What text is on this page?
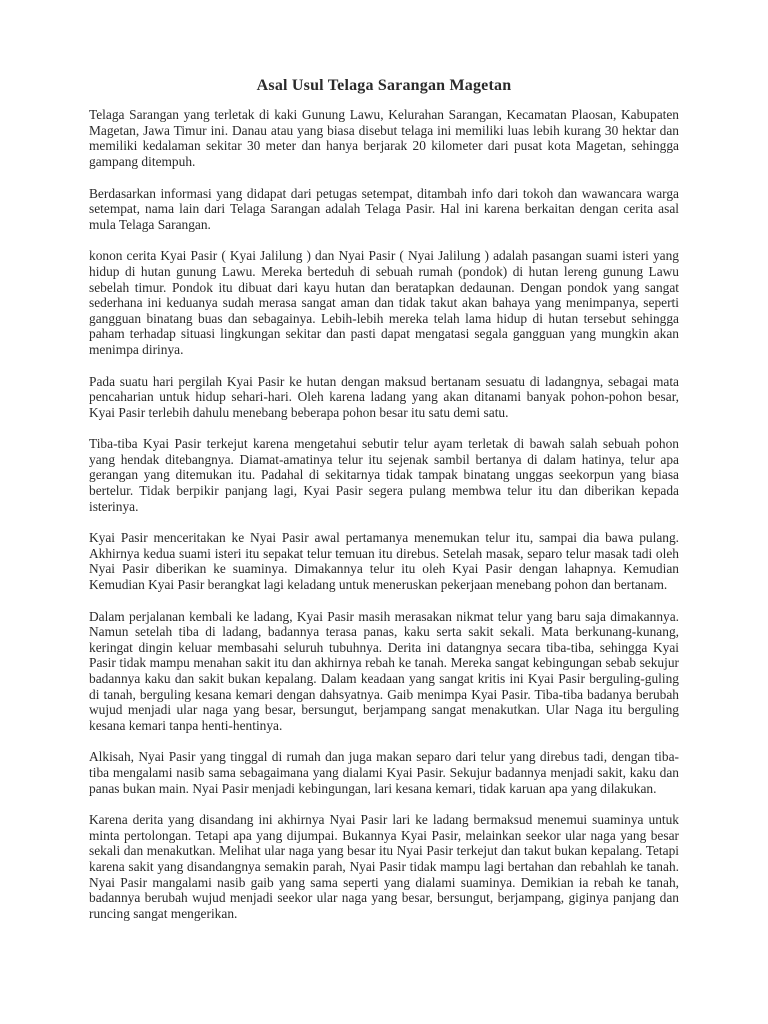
Asal Usul Telaga Sarangan Magetan

Telaga Sarangan yang terletak di kaki Gunung Lawu, Kelurahan Sarangan, Kecamatan Plaosan, Kabupaten Magetan, Jawa Timur ini. Danau atau yang biasa disebut telaga ini memiliki luas lebih kurang 30 hektar dan memiliki kedalaman sekitar 30 meter dan hanya berjarak 20 kilometer dari pusat kota Magetan, sehingga gampang ditempuh.

Berdasarkan informasi yang didapat dari petugas setempat, ditambah info dari tokoh dan wawancara warga setempat, nama lain dari Telaga Sarangan adalah Telaga Pasir. Hal ini karena berkaitan dengan cerita asal mula Telaga Sarangan.

konon cerita Kyai Pasir ( Kyai Jalilung ) dan Nyai Pasir ( Nyai Jalilung ) adalah pasangan suami isteri yang hidup di hutan gunung Lawu. Mereka berteduh di sebuah rumah (pondok) di hutan lereng gunung Lawu sebelah timur. Pondok itu dibuat dari kayu hutan dan beratapkan dedaunan. Dengan pondok yang sangat sederhana ini keduanya sudah merasa sangat aman dan tidak takut akan bahaya yang menimpanya, seperti gangguan binatang buas dan sebagainya. Lebih-lebih mereka telah lama hidup di hutan tersebut sehingga paham terhadap situasi lingkungan sekitar dan pasti dapat mengatasi segala gangguan yang mungkin akan menimpa dirinya.

Pada suatu hari pergilah Kyai Pasir ke hutan dengan maksud bertanam sesuatu di ladangnya, sebagai mata pencaharian untuk hidup sehari-hari. Oleh karena ladang yang akan ditanami banyak pohon-pohon besar, Kyai Pasir terlebih dahulu menebang beberapa pohon besar itu satu demi satu.

Tiba-tiba Kyai Pasir terkejut karena mengetahui sebutir telur ayam terletak di bawah salah sebuah pohon yang hendak ditebangnya. Diamat-amatinya telur itu sejenak sambil bertanya di dalam hatinya, telur apa gerangan yang ditemukan itu. Padahal di sekitarnya tidak tampak binatang unggas seekorpun yang biasa bertelur. Tidak berpikir panjang lagi, Kyai Pasir segera pulang membwa telur itu dan diberikan kepada isterinya.

Kyai Pasir menceritakan ke Nyai Pasir awal pertamanya menemukan telur itu, sampai dia bawa pulang. Akhirnya kedua suami isteri itu sepakat telur temuan itu direbus. Setelah masak, separo telur masak tadi oleh Nyai Pasir diberikan ke suaminya. Dimakannya telur itu oleh Kyai Pasir dengan lahapnya. Kemudian Kemudian Kyai Pasir berangkat lagi keladang untuk meneruskan pekerjaan menebang pohon dan bertanam.

Dalam perjalanan kembali ke ladang, Kyai Pasir masih merasakan nikmat telur yang baru saja dimakannya. Namun setelah tiba di ladang, badannya terasa panas, kaku serta sakit sekali. Mata berkunang-kunang, keringat dingin keluar membasahi seluruh tubuhnya. Derita ini datangnya secara tiba-tiba, sehingga Kyai Pasir tidak mampu menahan sakit itu dan akhirnya rebah ke tanah. Mereka sangat kebingungan sebab sekujur badannya kaku dan sakit bukan kepalang. Dalam keadaan yang sangat kritis ini Kyai Pasir berguling-guling di tanah, berguling kesana kemari dengan dahsyatnya. Gaib menimpa Kyai Pasir. Tiba-tiba badanya berubah wujud menjadi ular naga yang besar, bersungut, berjampang sangat menakutkan. Ular Naga itu berguling kesana kemari tanpa henti-hentinya.

Alkisah, Nyai Pasir yang tinggal di rumah dan juga makan separo dari telur yang direbus tadi, dengan tiba-tiba mengalami nasib sama sebagaimana yang dialami Kyai Pasir. Sekujur badannya menjadi sakit, kaku dan panas bukan main. Nyai Pasir menjadi kebingungan, lari kesana kemari, tidak karuan apa yang dilakukan.

Karena derita yang disandang ini akhirnya Nyai Pasir lari ke ladang bermaksud menemui suaminya untuk minta pertolongan. Tetapi apa yang dijumpai. Bukannya Kyai Pasir, melainkan seekor ular naga yang besar sekali dan menakutkan. Melihat ular naga yang besar itu Nyai Pasir terkejut dan takut bukan kepalang. Tetapi karena sakit yang disandangnya semakin parah, Nyai Pasir tidak mampu lagi bertahan dan rebahlah ke tanah. Nyai Pasir mangalami nasib gaib yang sama seperti yang dialami suaminya. Demikian ia rebah ke tanah, badannya berubah wujud menjadi seekor ular naga yang besar, bersungut, berjampang, giginya panjang dan runcing sangat mengerikan.
